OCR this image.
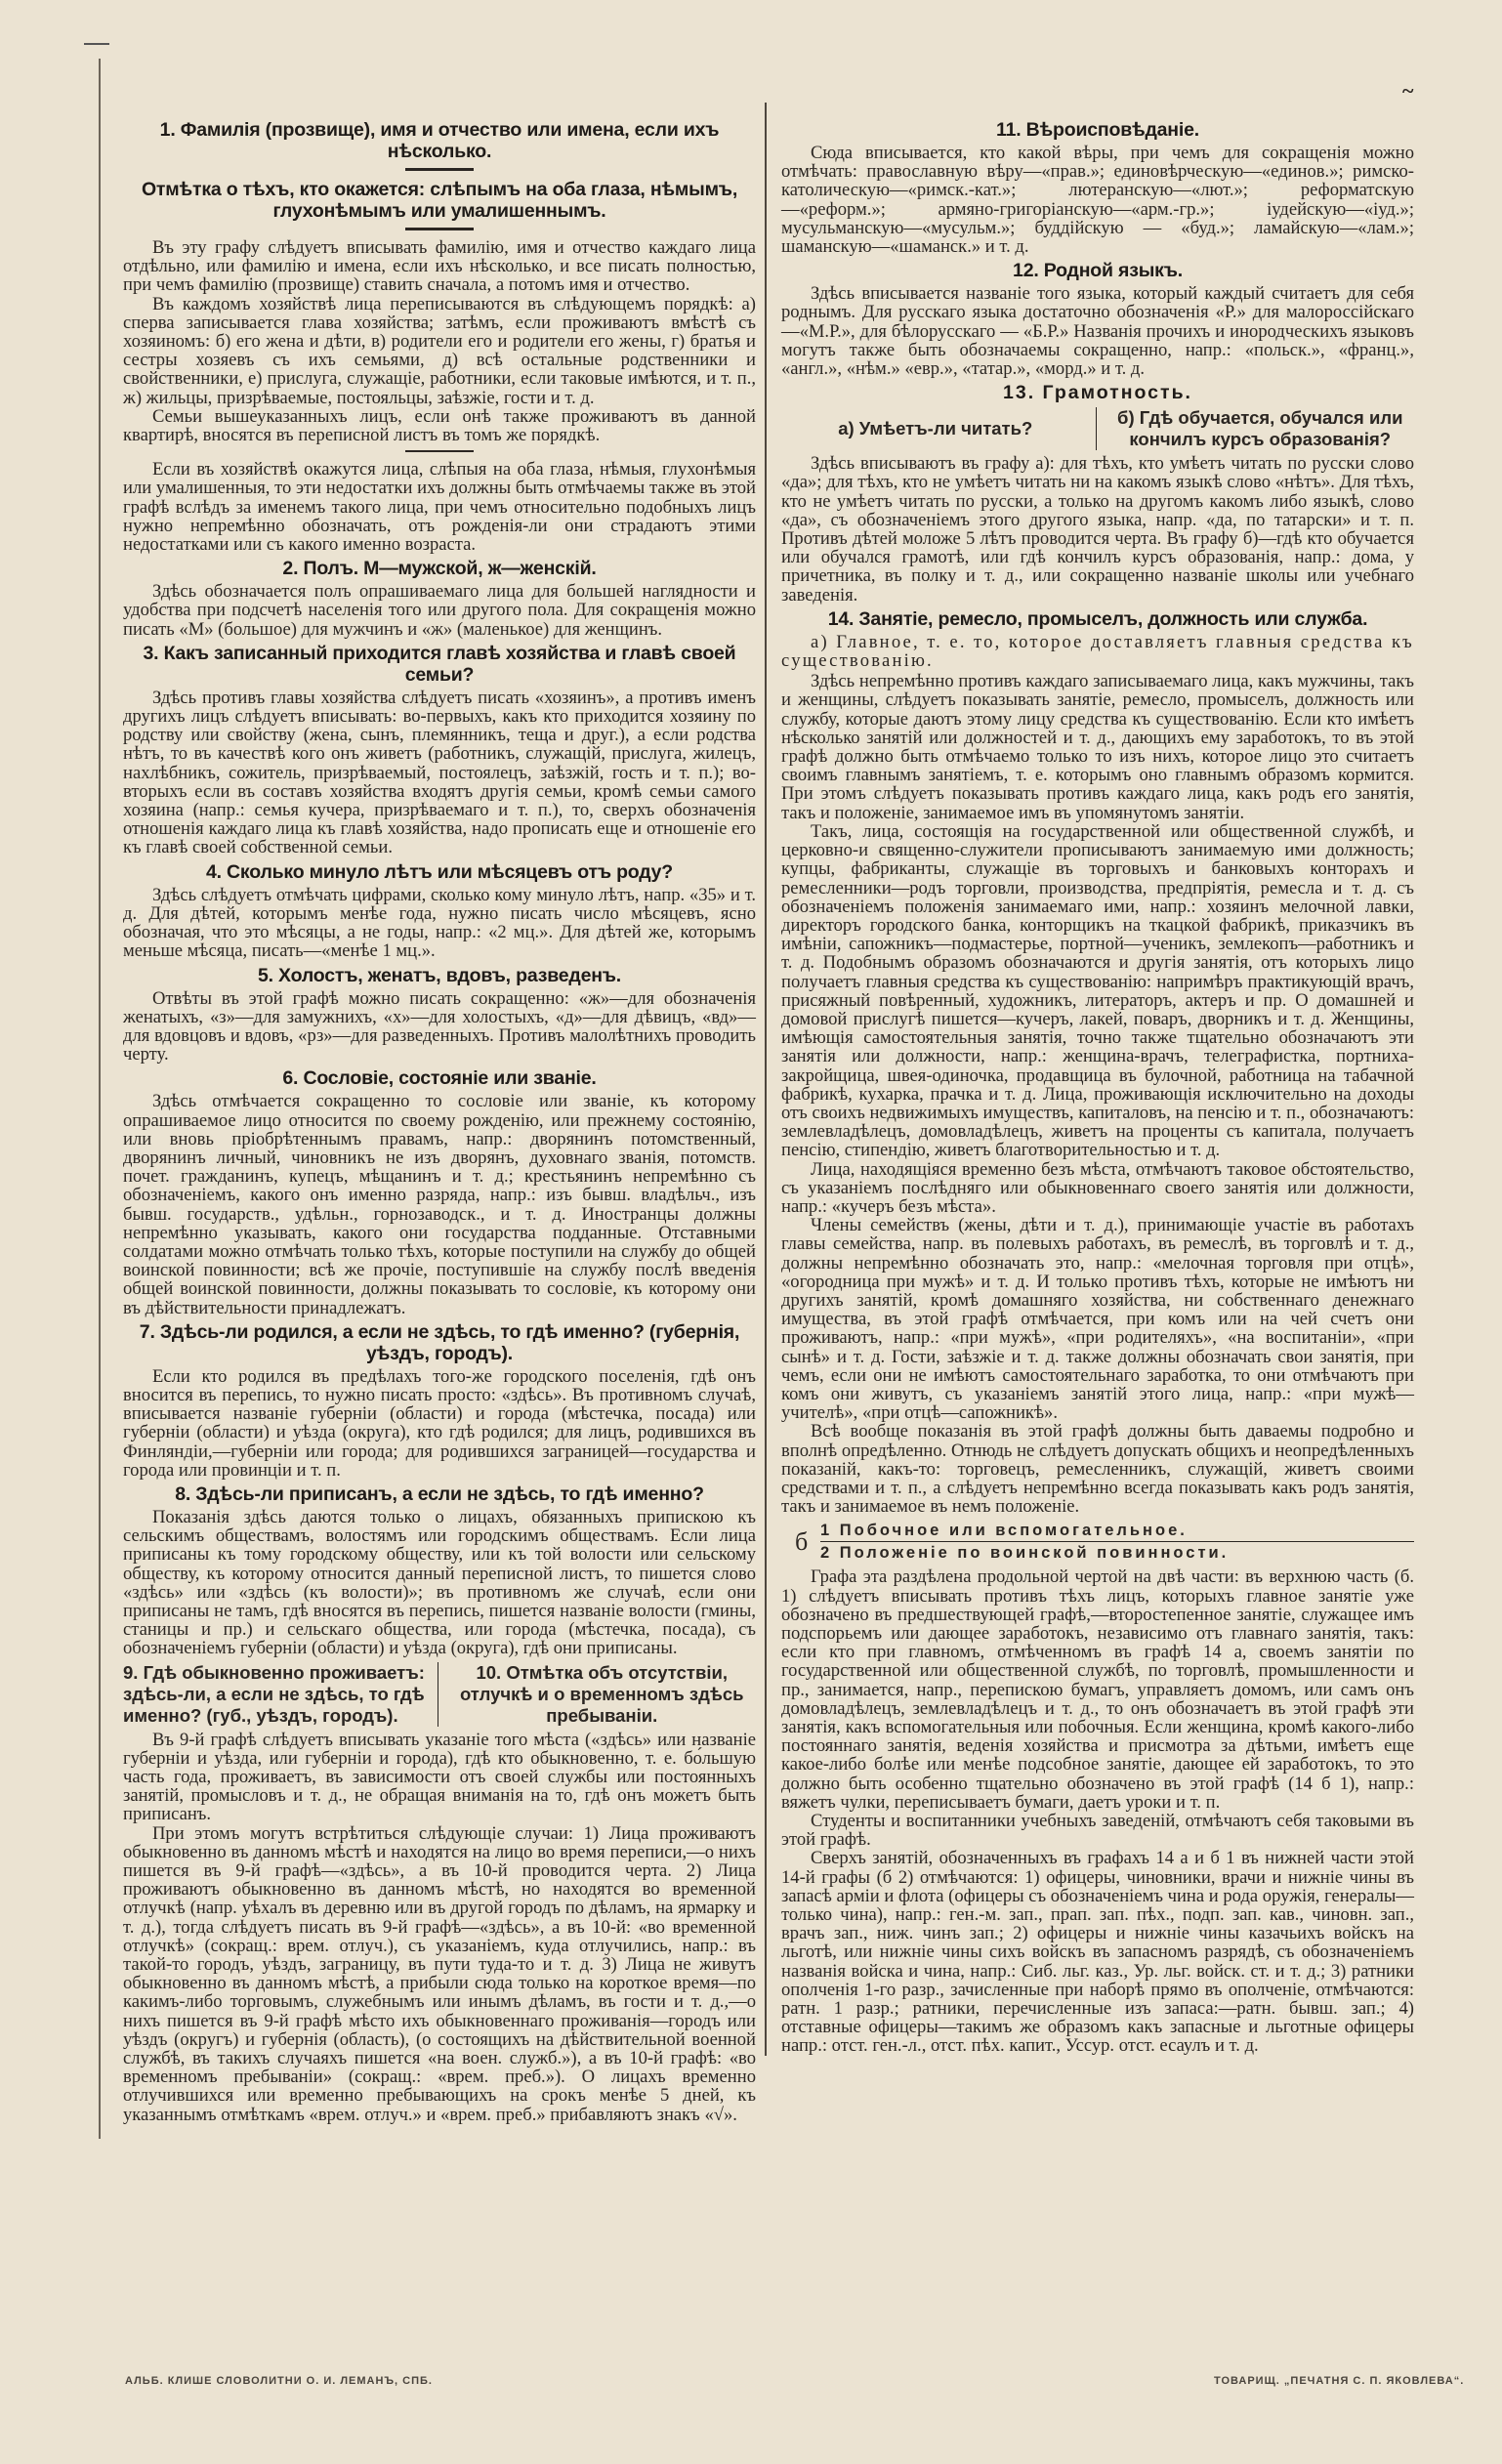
~
1. Фамилія (прозвище), имя и отчество или имена, если ихъ нѣсколько.
Отмѣтка о тѣхъ, кто окажется: слѣпымъ на оба глаза, нѣмымъ, глухонѣмымъ или умалишеннымъ.

Въ эту графу слѣдуетъ вписывать фамилію, имя и отчество каждаго лица отдѣльно, или фамилію и имена, если ихъ нѣсколько, и все писать полностью, при чемъ фамилію (прозвище) ставить сначала, а потомъ имя и отчество.

Въ каждомъ хозяйствѣ лица переписываются въ слѣдующемъ порядкѣ: а) сперва записывается глава хозяйства; затѣмъ, если проживаютъ вмѣстѣ съ хозяиномъ: б) его жена и дѣти, в) родители его и родители его жены, г) братья и сестры хозяевъ съ ихъ семьями, д) всѣ остальные родственники и свойственники, е) прислуга, служащіе, работники, если таковые имѣются, и т. п., ж) жильцы, призрѣваемые, постояльцы, заѣзжіе, гости и т. д.

Семьи вышеуказанныхъ лицъ, если онѣ также проживаютъ въ данной квартирѣ, вносятся въ переписной листъ въ томъ же порядкѣ.

Если въ хозяйствѣ окажутся лица, слѣпыя на оба глаза, нѣмыя, глухонѣмыя или умалишенныя, то эти недостатки ихъ должны быть отмѣчаемы также въ этой графѣ вслѣдъ за именемъ такого лица, при чемъ относительно подобныхъ лицъ нужно непремѣнно обозначать, отъ рожденія-ли они страдаютъ этими недостатками или съ какого именно возраста.

2. Полъ. М—мужской, ж—женскій.

Здѣсь обозначается полъ опрашиваемаго лица для большей наглядности и удобства при подсчетѣ населенія того или другого пола. Для сокращенія можно писать «М» (большое) для мужчинъ и «ж» (маленькое) для женщинъ.

3. Какъ записанный приходится главѣ хозяйства и главѣ своей семьи?

Здѣсь противъ главы хозяйства слѣдуетъ писать «хозяинъ», а противъ именъ другихъ лицъ слѣдуетъ вписывать: во-первыхъ, какъ кто приходится хозяину по родству или свойству (жена, сынъ, племянникъ, теща и друг.), а если родства нѣтъ, то въ качествѣ кого онъ живетъ (работникъ, служащій, прислуга, жилецъ, нахлѣбникъ, сожитель, призрѣваемый, постоялецъ, заѣзжій, гость и т. п.); во-вторыхъ если въ составъ хозяйства входятъ другія семьи, кромѣ семьи самого хозяина (напр.: семья кучера, призрѣваемаго и т. п.), то, сверхъ обозначенія отношенія каждаго лица къ главѣ хозяйства, надо прописать еще и отношеніе его къ главѣ своей собственной семьи.

4. Сколько минуло лѣтъ или мѣсяцевъ отъ роду?

Здѣсь слѣдуетъ отмѣчать цифрами, сколько кому минуло лѣтъ, напр. «35» и т. д. Для дѣтей, которымъ менѣе года, нужно писать число мѣсяцевъ, ясно обозначая, что это мѣсяцы, а не годы, напр.: «2 мц.». Для дѣтей же, которымъ меньше мѣсяца, писать—«менѣе 1 мц.».

5. Холостъ, женатъ, вдовъ, разведенъ.

Отвѣты въ этой графѣ можно писать сокращенно: «ж»—для обозначенія женатыхъ, «з»—для замужнихъ, «х»—для холостыхъ, «д»—для дѣвицъ, «вд»—для вдовцовъ и вдовъ, «рз»—для разведенныхъ. Противъ малолѣтнихъ проводить черту.

6. Сословіе, состояніе или званіе.

Здѣсь отмѣчается сокращенно то сословіе или званіе, къ которому опрашиваемое лицо относится по своему рожденію, или прежнему состоянію, или вновь пріобрѣтеннымъ правамъ, напр.: дворянинъ потомственный, дворянинъ личный, чиновникъ не изъ дворянъ, духовнаго званія, потомств. почет. гражданинъ, купецъ, мѣщанинъ и т. д.; крестьянинъ непремѣнно съ обозначеніемъ, какого онъ именно разряда, напр.: изъ бывш. владѣльч., изъ бывш. государств., удѣльн., горнозаводск., и т. д. Иностранцы должны непремѣнно указывать, какого они государства подданные. Отставными солдатами можно отмѣчать только тѣхъ, которые поступили на службу до общей воинской повинности; всѣ же прочіе, поступившіе на службу послѣ введенія общей воинской повинности, должны показывать то сословіе, къ которому они въ дѣйствительности принадлежатъ.

7. Здѣсь-ли родился, а если не здѣсь, то гдѣ именно? (губернія, уѣздъ, городъ).

Если кто родился въ предѣлахъ того-же городского поселенія, гдѣ онъ вносится въ перепись, то нужно писать просто: «здѣсь». Въ противномъ случаѣ, вписывается названіе губерніи (области) и города (мѣстечка, посада) или губерніи (области) и уѣзда (округа), кто гдѣ родился; для лицъ, родившихся въ Финляндіи,—губерніи или города; для родившихся заграницей—государства и города или провинціи и т. п.

8. Здѣсь-ли приписанъ, а если не здѣсь, то гдѣ именно?

Показанія здѣсь даются только о лицахъ, обязанныхъ припискою къ сельскимъ обществамъ, волостямъ или городскимъ обществамъ. Если лица приписаны къ тому городскому обществу, или къ той волости или сельскому обществу, къ которому относится данный переписной листъ, то пишется слово «здѣсь» или «здѣсь (къ волости)»; въ противномъ же случаѣ, если они приписаны не тамъ, гдѣ вносятся въ перепись, пишется названіе волости (гмины, станицы и пр.) и сельскаго общества, или города (мѣстечка, посада), съ обозначеніемъ губерніи (области) и уѣзда (округа), гдѣ они приписаны.

9. Гдѣ обыкновенно проживаетъ: здѣсь-ли, а если не здѣсь, то гдѣ именно? (губ., уѣздъ, городъ).
10. Отмѣтка объ отсутствіи, отлучкѣ и о временномъ здѣсь пребываніи.

Въ 9-й графѣ слѣдуетъ вписывать указаніе того мѣста («здѣсь» или названіе губерніи и уѣзда, или губерніи и города), гдѣ кто обыкновенно, т. е. бо́льшую часть года, проживаетъ, въ зависимости отъ своей службы или постоянныхъ занятій, промысловъ и т. д., не обращая вниманія на то, гдѣ онъ можетъ быть приписанъ.

При этомъ могутъ встрѣтиться слѣдующіе случаи: 1) Лица проживаютъ обыкновенно въ данномъ мѣстѣ и находятся на лицо во время переписи,—о нихъ пишется въ 9-й графѣ—«здѣсь», а въ 10-й проводится черта. 2) Лица проживаютъ обыкновенно въ данномъ мѣстѣ, но находятся во временной отлучкѣ (напр. уѣхалъ въ деревню или въ другой городъ по дѣламъ, на ярмарку и т. д.), тогда слѣдуетъ писать въ 9-й графѣ—«здѣсь», а въ 10-й: «во временной отлучкѣ» (сокращ.: врем. отлуч.), съ указаніемъ, куда отлучились, напр.: въ такой-то городъ, уѣздъ, заграницу, въ пути туда-то и т. д. 3) Лица не живутъ обыкновенно въ данномъ мѣстѣ, а прибыли сюда только на короткое время—по какимъ-либо торговымъ, служебнымъ или инымъ дѣламъ, въ гости и т. д.,—о нихъ пишется въ 9-й графѣ мѣсто ихъ обыкновеннаго проживанія—городъ или уѣздъ (округъ) и губернія (область), (о состоящихъ на дѣйствительной военной службѣ, въ такихъ случаяхъ пишется «на воен. служб.»), а въ 10-й графѣ: «во временномъ пребываніи» (сокращ.: «врем. преб.»). О лицахъ временно отлучившихся или временно пребывающихъ на срокъ менѣе 5 дней, къ указаннымъ отмѣткамъ «врем. отлуч.» и «врем. преб.» прибавляютъ знакъ «√».

11. Вѣроисповѣданіе.

Сюда вписывается, кто какой вѣры, при чемъ для сокращенія можно отмѣчать: православную вѣру—«прав.»; единовѣрческую—«единов.»; римско-католическую—«римск.-кат.»; лютеранскую—«лют.»; реформатскую—«реформ.»; армяно-григоріанскую—«арм.-гр.»; іудейскую—«іуд.»; мусульманскую—«мусульм.»; буддійскую — «буд.»; ламайскую—«лам.»; шаманскую—«шаманск.» и т. д.

12. Родной языкъ.

Здѣсь вписывается названіе того языка, который каждый считаетъ для себя роднымъ. Для русскаго языка достаточно обозначенія «Р.» для малороссійскаго—«М.Р.», для бѣлорусскаго — «Б.Р.» Названія прочихъ и инородческихъ языковъ могутъ также быть обозначаемы сокращенно, напр.: «польск.», «франц.», «англ.», «нѣм.» «евр.», «татар.», «морд.» и т. д.

13. Грамотность.
а) Умѣетъ-ли читать?
б) Гдѣ обучается, обучался или кончилъ курсъ образованія?

Здѣсь вписываютъ въ графу а): для тѣхъ, кто умѣетъ читать по русски слово «да»; для тѣхъ, кто не умѣетъ читать ни на какомъ языкѣ слово «нѣтъ». Для тѣхъ, кто не умѣетъ читать по русски, а только на другомъ какомъ либо языкѣ, слово «да», съ обозначеніемъ этого другого языка, напр. «да, по татарски» и т. п. Противъ дѣтей моложе 5 лѣтъ проводится черта. Въ графу б)—гдѣ кто обучается или обучался грамотѣ, или гдѣ кончилъ курсъ образованія, напр.: дома, у причетника, въ полку и т. д., или сокращенно названіе школы или учебнаго заведенія.

14. Занятіе, ремесло, промыселъ, должность или служба.

а) Главное, т. е. то, которое доставляетъ главныя средства къ существованію.

Здѣсь непремѣнно противъ каждаго записываемаго лица, какъ мужчины, такъ и женщины, слѣдуетъ показывать занятіе, ремесло, промыселъ, должность или службу, которые даютъ этому лицу средства къ существованію. Если кто имѣетъ нѣсколько занятій или должностей и т. д., дающихъ ему заработокъ, то въ этой графѣ должно быть отмѣчаемо только то изъ нихъ, которое лицо это считаетъ своимъ главнымъ занятіемъ, т. е. которымъ оно главнымъ образомъ кормится. При этомъ слѣдуетъ показывать противъ каждаго лица, какъ родъ его занятія, такъ и положеніе, занимаемое имъ въ упомянутомъ занятіи.

Такъ, лица, состоящія на государственной или общественной службѣ, и церковно-и священно-служители прописываютъ занимаемую ими должность; купцы, фабриканты, служащіе въ торговыхъ и банковыхъ конторахъ и ремесленники—родъ торговли, производства, предпріятія, ремесла и т. д. съ обозначеніемъ положенія занимаемаго ими, напр.: хозяинъ мелочной лавки, директоръ городского банка, конторщикъ на ткацкой фабрикѣ, приказчикъ въ имѣніи, сапожникъ—подмастерье, портной—ученикъ, землекопъ—работникъ и т. д. Подобнымъ образомъ обозначаются и другія занятія, отъ которыхъ лицо получаетъ главныя средства къ существованію: напримѣръ практикующій врачъ, присяжный повѣренный, художникъ, литераторъ, актеръ и пр. О домашней и домовой прислугѣ пишется—кучеръ, лакей, поваръ, дворникъ и т. д. Женщины, имѣющія самостоятельныя занятія, точно также тщательно обозначаютъ эти занятія или должности, напр.: женщина-врачъ, телеграфистка, портниха-закройщица, швея-одиночка, продавщица въ булочной, работница на табачной фабрикѣ, кухарка, прачка и т. д. Лица, проживающія исключительно на доходы отъ своихъ недвижимыхъ имуществъ, капиталовъ, на пенсію и т. п., обозначаютъ: землевладѣлецъ, домовладѣлецъ, живетъ на проценты съ капитала, получаетъ пенсію, стипендію, живетъ благотворительностью и т. д.

Лица, находящіяся временно безъ мѣста, отмѣчаютъ таковое обстоятельство, съ указаніемъ послѣдняго или обыкновеннаго своего занятія или должности, напр.: «кучеръ безъ мѣста».

Члены семействъ (жены, дѣти и т. д.), принимающіе участіе въ работахъ главы семейства, напр. въ полевыхъ работахъ, въ ремеслѣ, въ торговлѣ и т. д., должны непремѣнно обозначать это, напр.: «мелочная торговля при отцѣ», «огородница при мужѣ» и т. д. И только противъ тѣхъ, которые не имѣютъ ни другихъ занятій, кромѣ домашняго хозяйства, ни собственнаго денежнаго имущества, въ этой графѣ отмѣчается, при комъ или на чей счетъ они проживаютъ, напр.: «при мужѣ», «при родителяхъ», «на воспитаніи», «при сынѣ» и т. д. Гости, заѣзжіе и т. д. также должны обозначать свои занятія, при чемъ, если они не имѣютъ самостоятельнаго заработка, то они отмѣчаютъ при комъ они живутъ, съ указаніемъ занятій этого лица, напр.: «при мужѣ—учителѣ», «при отцѣ—сапожникѣ».

Всѣ вообще показанія въ этой графѣ должны быть даваемы подробно и вполнѣ опредѣленно. Отнюдь не слѣдуетъ допускать общихъ и неопредѣленныхъ показаній, какъ-то: торговецъ, ремесленникъ, служащій, живетъ своими средствами и т. п., а слѣдуетъ непремѣнно всегда показывать какъ родъ занятія, такъ и занимаемое въ немъ положеніе.

б 1 Побочное или вспомогательное.
2 Положеніе по воинской повинности.

Графа эта раздѣлена продольной чертой на двѣ части: въ верхнюю часть (б. 1) слѣдуетъ вписывать противъ тѣхъ лицъ, которыхъ главное занятіе уже обозначено въ предшествующей графѣ,—второстепенное занятіе, служащее имъ подспорьемъ или дающее заработокъ, независимо отъ главнаго занятія, такъ: если кто при главномъ, отмѣченномъ въ графѣ 14 а, своемъ занятіи по государственной или общественной службѣ, по торговлѣ, промышленности и пр., занимается, напр., перепискою бумагъ, управляетъ домомъ, или самъ онъ домовладѣлецъ, землевладѣлецъ и т. д., то онъ обозначаетъ въ этой графѣ эти занятія, какъ вспомогательныя или побочныя. Если женщина, кромѣ какого-либо постояннаго занятія, веденія хозяйства и присмотра за дѣтьми, имѣетъ еще какое-либо болѣе или менѣе подсобное занятіе, дающее ей заработокъ, то это должно быть особенно тщательно обозначено въ этой графѣ (14 б 1), напр.: вяжетъ чулки, переписываетъ бумаги, даетъ уроки и т. п.

Студенты и воспитанники учебныхъ заведеній, отмѣчаютъ себя таковыми въ этой графѣ.

Сверхъ занятій, обозначенныхъ въ графахъ 14 а и б 1 въ нижней части этой 14-й графы (б 2) отмѣчаются: 1) офицеры, чиновники, врачи и нижніе чины въ запасѣ арміи и флота (офицеры съ обозначеніемъ чина и рода оружія, генералы—только чина), напр.: ген.-м. зап., прап. зап. пѣх., подп. зап. кав., чиновн. зап., врачъ зап., ниж. чинъ зап.; 2) офицеры и нижніе чины казачьихъ войскъ на льготѣ, или нижніе чины сихъ войскъ въ запасномъ разрядѣ, съ обозначеніемъ названія войска и чина, напр.: Сиб. льг. каз., Ур. льг. войск. ст. и т. д.; 3) ратники ополченія 1-го разр., зачисленные при наборѣ прямо въ ополченіе, отмѣчаются: ратн. 1 разр.; ратники, перечисленные изъ запаса:—ратн. бывш. зап.; 4) отставные офицеры—такимъ же образомъ какъ запасные и льготные офицеры напр.: отст. ген.-л., отст. пѣх. капит., Уссур. отст. есаулъ и т. д.

АЛЬБ. КЛИШЕ СЛОВОЛИТНИ О. И. ЛЕМАНЪ, СПБ.	ТОВАРИЩ. „ПЕЧАТНЯ С. П. ЯКОВЛЕВА“.
